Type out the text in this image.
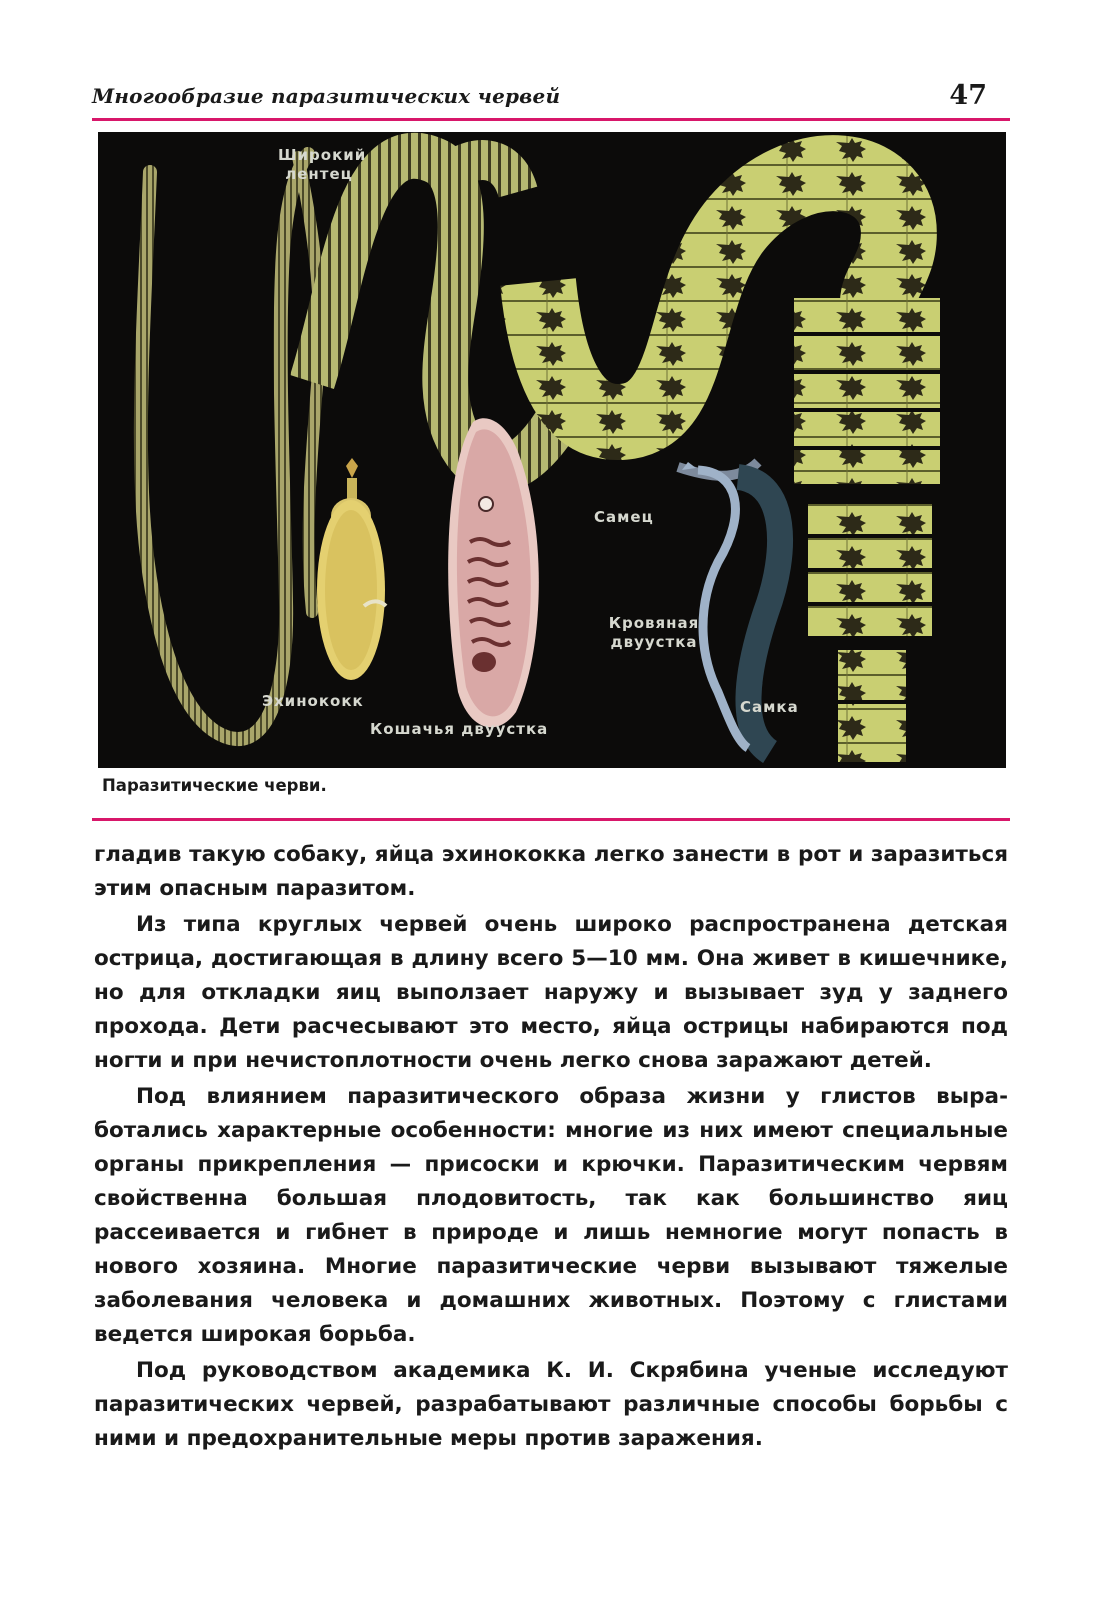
Многообразие паразитических червей	47
Широкий лентец
Эхинококк
Кошачья двуустка
Самец
Кровяная двуустка
Самка
Паразитические черви.

гладив такую собаку, яйца эхинококка легко занести в рот и заразиться этим опасным паразитом.

Из типа круглых червей очень широко распространена детская острица, достигающая в длину всего 5—10 мм. Она живет в кишечнике, но для откладки яиц выползает наружу и вызывает зуд у заднего прохода. Дети расчесывают это место, яйца острицы набираются под ногти и при нечистоплотности очень легко снова заражают детей.

Под влиянием паразитического образа жизни у глистов выработались характерные особенности: многие из них имеют специальные органы прикрепления — присоски и крючки. Паразитическим червям свойственна большая плодовитость, так как большинство яиц рассеивается и гибнет в природе и лишь немногие могут попасть в нового хозяина. Многие паразитические черви вызывают тяжелые заболевания человека и домашних животных. Поэтому с глистами ведется широкая борьба.

Под руководством академика К. И. Скрябина ученые исследуют паразитических червей, разрабатывают различные способы борьбы с ними и предохранительные меры против заражения.
